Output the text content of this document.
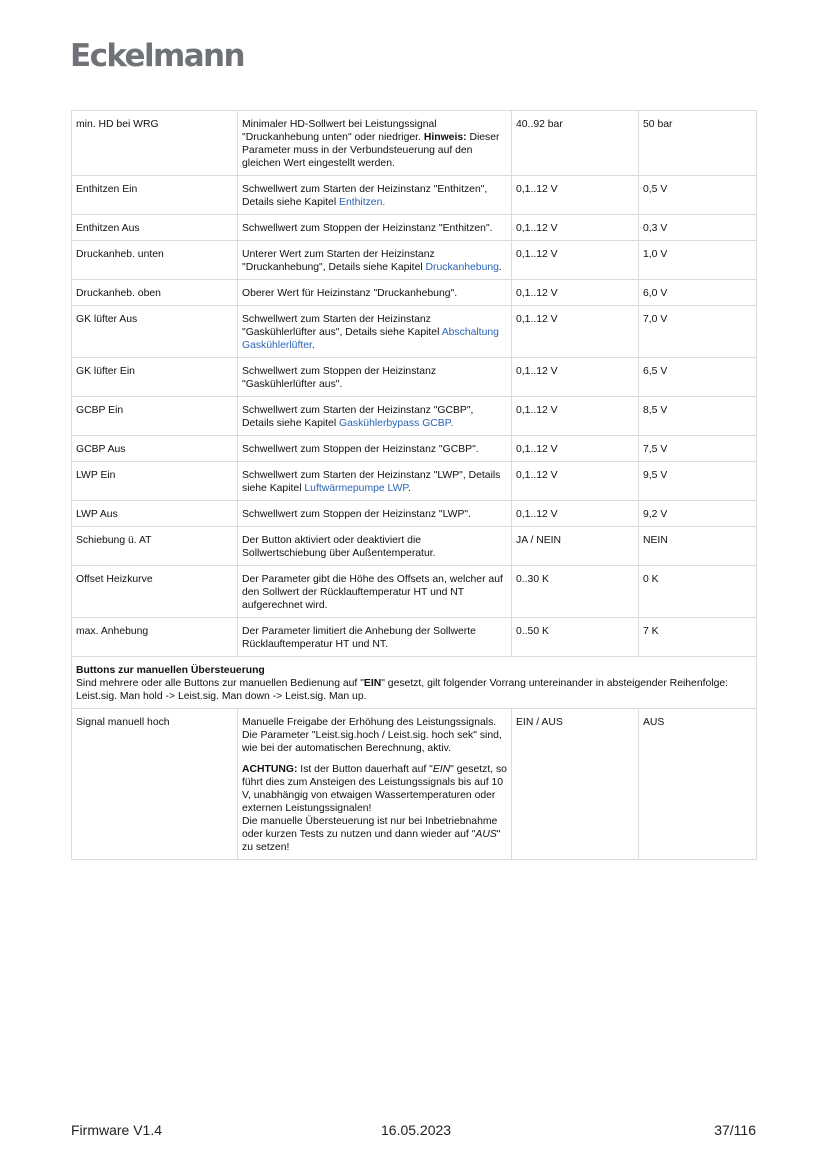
Eckelmann
min. HD bei WRG	Minimaler HD-Sollwert bei Leistungssignal "Druckanhebung unten" oder niedriger. Hinweis: Dieser Parameter muss in der Verbundsteuerung auf den gleichen Wert eingestellt werden.	40..92 bar	50 bar
Enthitzen Ein	Schwellwert zum Starten der Heizinstanz "Enthitzen", Details siehe Kapitel Enthitzen.	0,1..12 V	0,5 V
Enthitzen Aus	Schwellwert zum Stoppen der Heizinstanz "Enthitzen".	0,1..12 V	0,3 V
Druckanheb. unten	Unterer Wert zum Starten der Heizinstanz "Druckanhebung", Details siehe Kapitel Druckanhebung.	0,1..12 V	1,0 V
Druckanheb. oben	Oberer Wert für Heizinstanz "Druckanhebung".	0,1..12 V	6,0 V
GK lüfter Aus	Schwellwert zum Starten der Heizinstanz "Gaskühlerlüfter aus", Details siehe Kapitel Abschaltung Gaskühlerlüfter.	0,1..12 V	7,0 V
GK lüfter Ein	Schwellwert zum Stoppen der Heizinstanz "Gaskühlerlüfter aus".	0,1..12 V	6,5 V
GCBP Ein	Schwellwert zum Starten der Heizinstanz "GCBP", Details siehe Kapitel Gaskühlerbypass GCBP.	0,1..12 V	8,5 V
GCBP Aus	Schwellwert zum Stoppen der Heizinstanz "GCBP".	0,1..12 V	7,5 V
LWP Ein	Schwellwert zum Starten der Heizinstanz "LWP", Details siehe Kapitel Luftwärmepumpe LWP.	0,1..12 V	9,5 V
LWP Aus	Schwellwert zum Stoppen der Heizinstanz "LWP".	0,1..12 V	9,2 V
Schiebung ü. AT	Der Button aktiviert oder deaktiviert die Sollwertschiebung über Außentemperatur.	JA / NEIN	NEIN
Offset Heizkurve	Der Parameter gibt die Höhe des Offsets an, welcher auf den Sollwert der Rücklauftemperatur HT und NT aufgerechnet wird.	0..30 K	0 K
max. Anhebung	Der Parameter limitiert die Anhebung der Sollwerte Rücklauftemperatur HT und NT.	0..50 K	7 K
Buttons zur manuellen Übersteuerung
Sind mehrere oder alle Buttons zur manuellen Bedienung auf "EIN" gesetzt, gilt folgender Vorrang untereinander in absteigender Reihenfolge: Leist.sig. Man hold -> Leist.sig. Man down -> Leist.sig. Man up.			
Signal manuell hoch	Manuelle Freigabe der Erhöhung des Leistungssignals. Die Parameter "Leist.sig.hoch / Leist.sig. hoch sek" sind, wie bei der automatischen Berechnung, aktiv.

ACHTUNG: Ist der Button dauerhaft auf "EIN" gesetzt, so führt dies zum Ansteigen des Leistungssignals bis auf 10 V, unabhängig von etwaigen Wassertemperaturen oder externen Leistungssignalen!
Die manuelle Übersteuerung ist nur bei Inbetriebnahme oder kurzen Tests zu nutzen und dann wieder auf "AUS" zu setzen!	EIN / AUS	AUS
Firmware V1.4	16.05.2023	37/116
